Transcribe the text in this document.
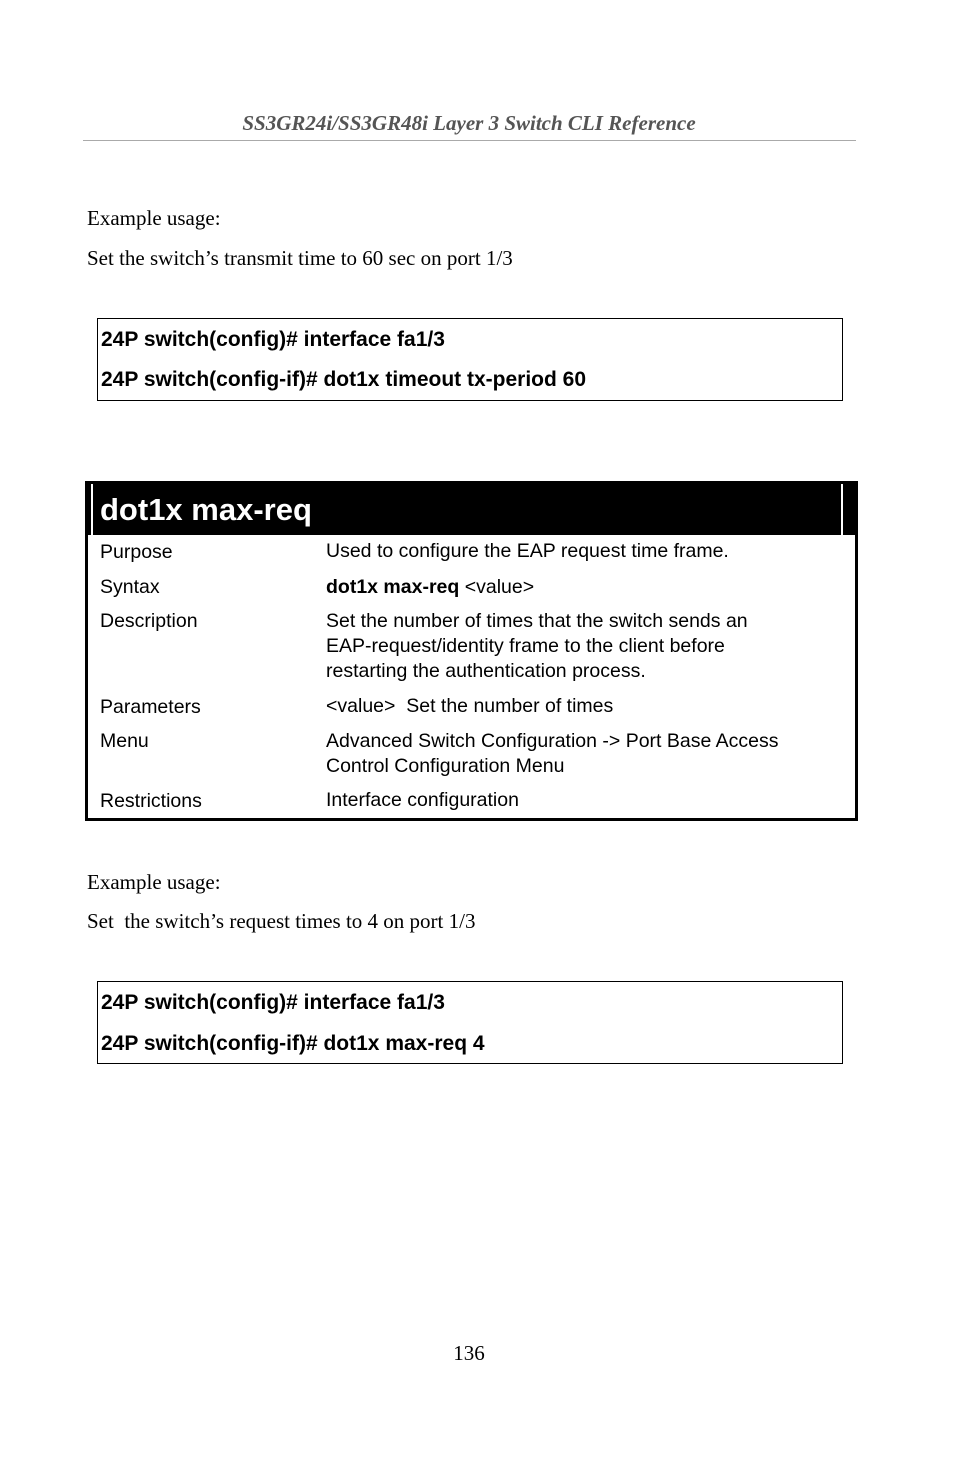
SS3GR24i/SS3GR48i Layer 3 Switch CLI Reference
Example usage:
Set the switch’s transmit time to 60 sec on port 1/3
24P switch(config)# interface fa1/3
24P switch(config-if)# dot1x timeout tx-period 60
dot1x max-req
Purpose	Used to configure the EAP request time frame.
Syntax	dot1x max-req <value>
Description	Set the number of times that the switch sends an
EAP-request/identity frame to the client before
restarting the authentication process.
Parameters	<value>  Set the number of times
Menu	Advanced Switch Configuration -> Port Base Access
Control Configuration Menu
Restrictions	Interface configuration
Example usage:
Set  the switch’s request times to 4 on port 1/3
24P switch(config)# interface fa1/3
24P switch(config-if)# dot1x max-req 4
136
